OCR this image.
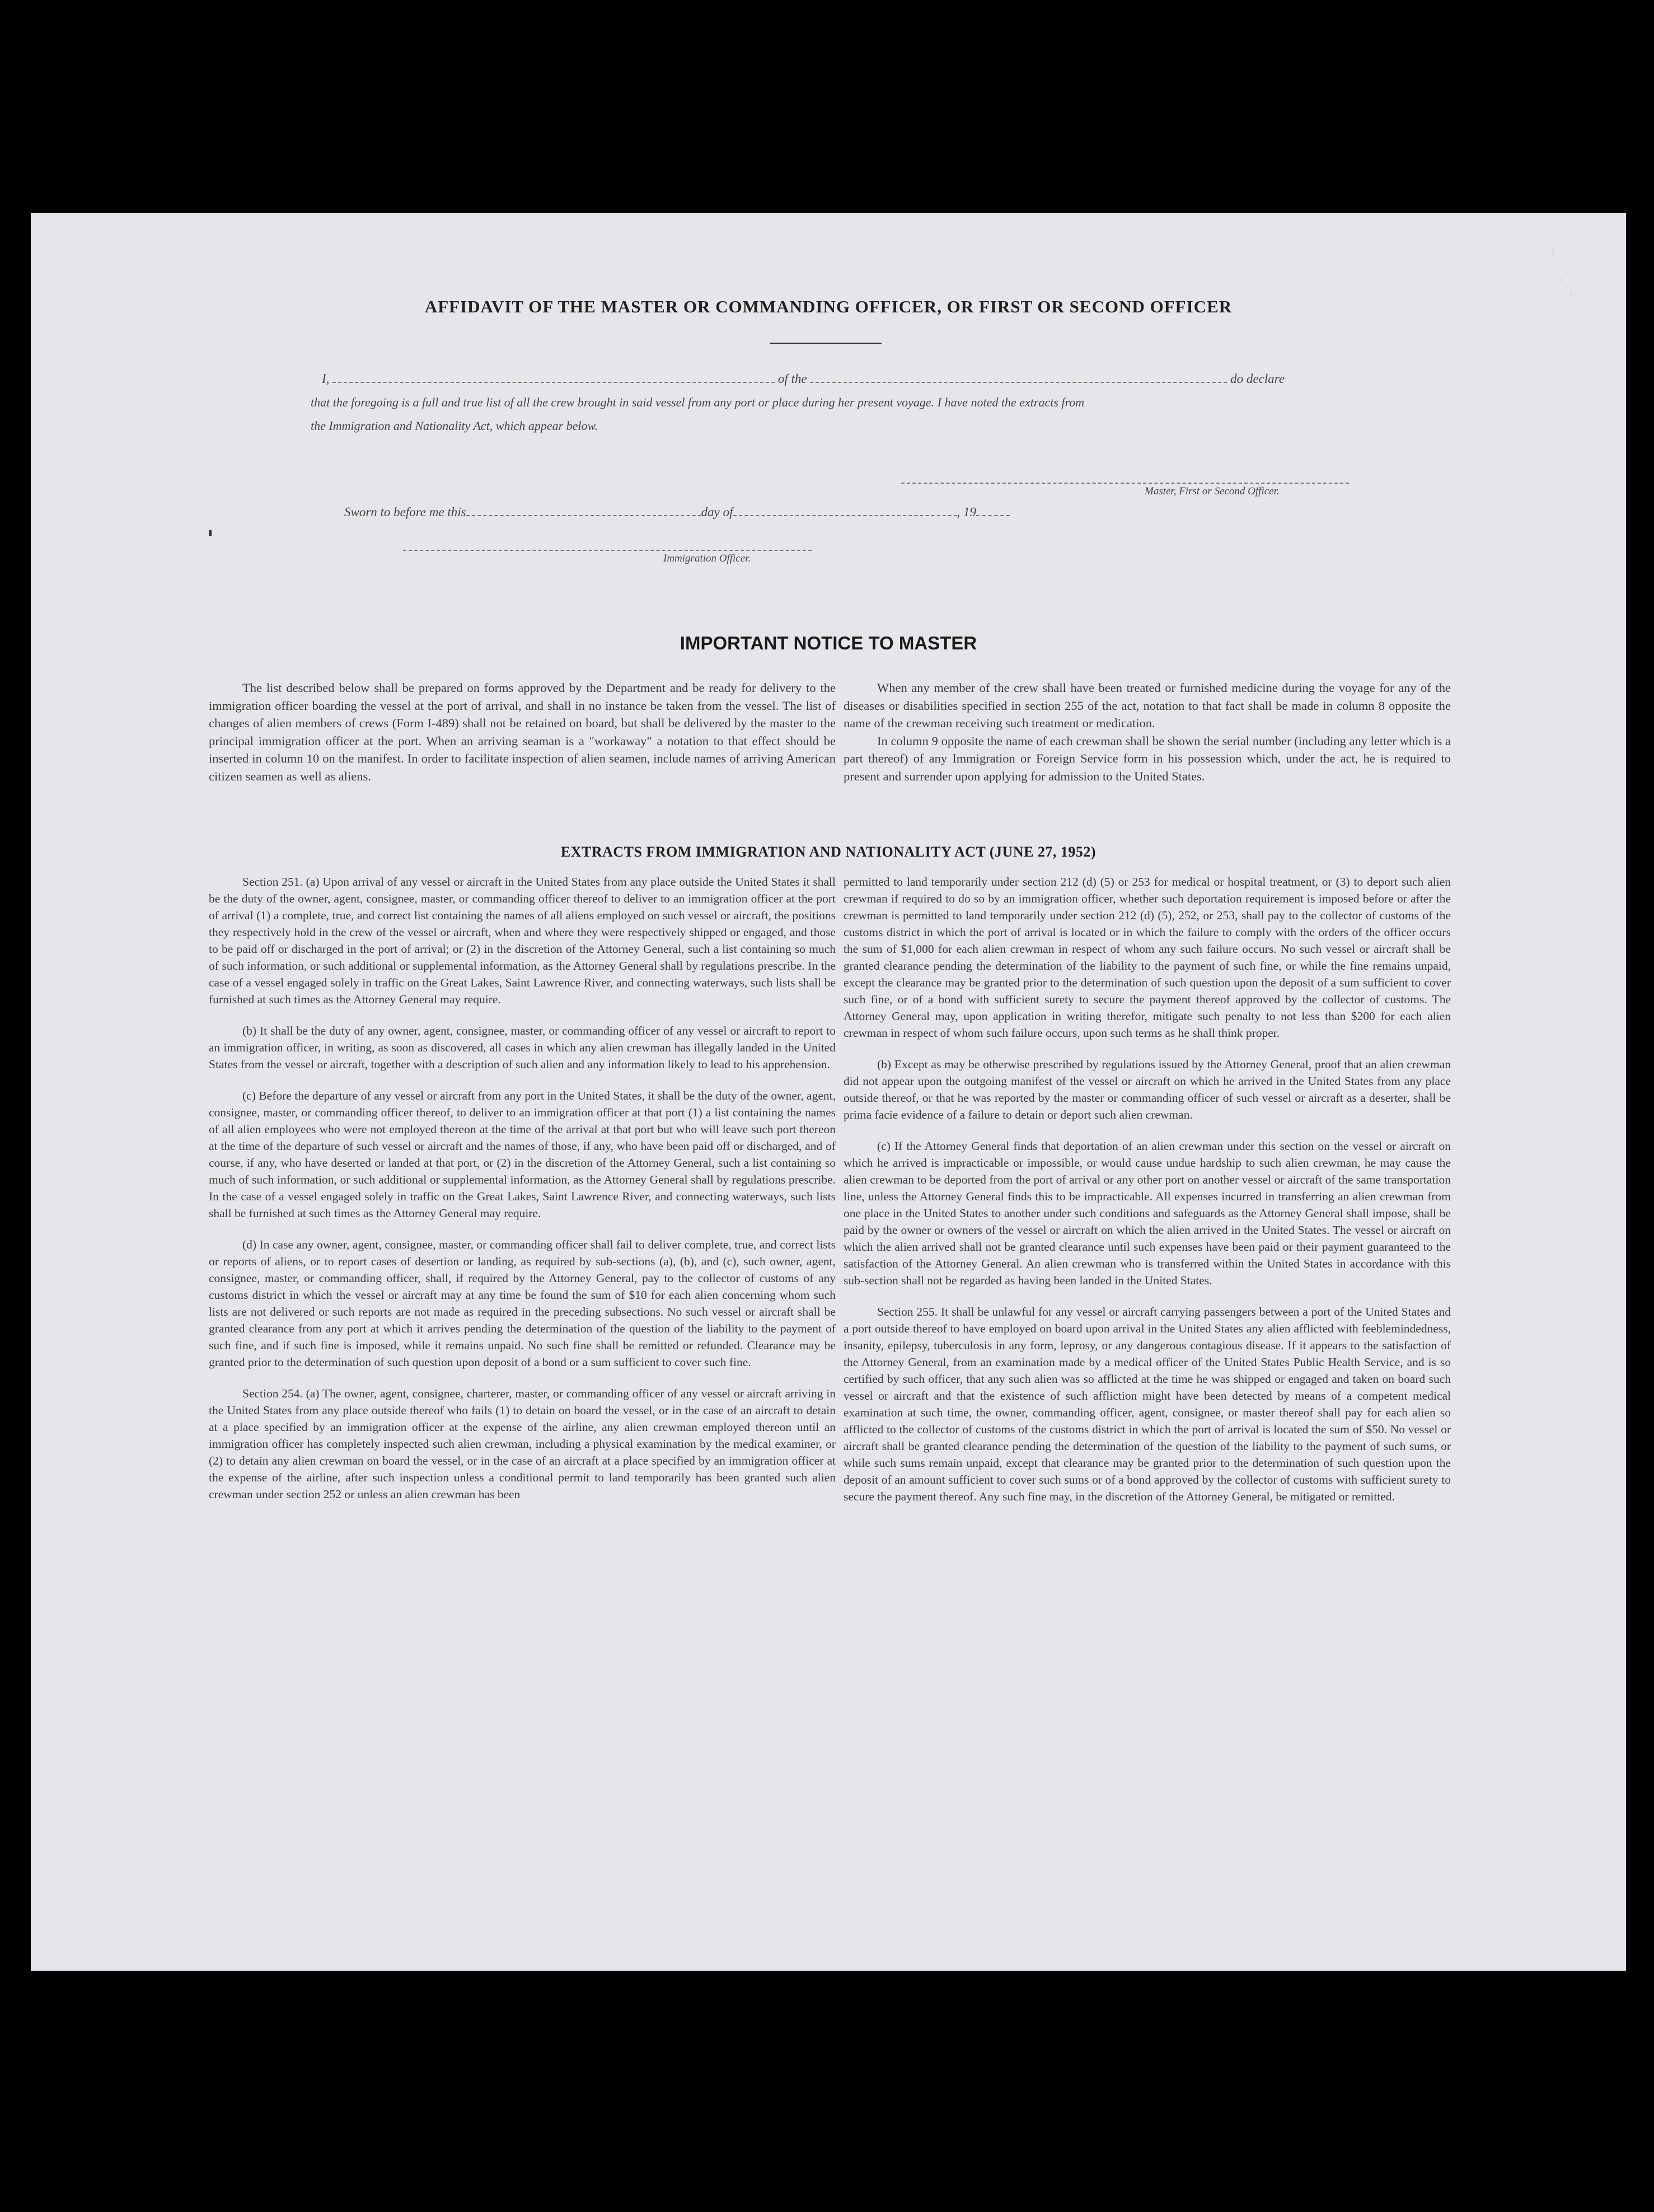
AFFIDAVIT OF THE MASTER OR COMMANDING OFFICER, OR FIRST OR SECOND OFFICER
I,	of the	do declare
that the foregoing is a full and true list of all the crew brought in said vessel from any port or place during her present voyage. I have noted the extracts from
the Immigration and Nationality Act, which appear below.
Master, First or Second Officer.
Sworn to before me this	day of	, 19
Immigration Officer.
IMPORTANT NOTICE TO MASTER

The list described below shall be prepared on forms approved by the Department and be ready for delivery to the immigration officer boarding the vessel at the port of arrival, and shall in no instance be taken from the vessel. The list of changes of alien members of crews (Form I-489) shall not be retained on board, but shall be delivered by the master to the principal immigration officer at the port. When an arriving seaman is a "workaway" a notation to that effect should be inserted in column 10 on the manifest. In order to facilitate inspection of alien seamen, include names of arriving American citizen seamen as well as aliens.

When any member of the crew shall have been treated or furnished medicine during the voyage for any of the diseases or disabilities specified in section 255 of the act, notation to that fact shall be made in column 8 opposite the name of the crewman receiving such treatment or medication.

In column 9 opposite the name of each crewman shall be shown the serial number (including any letter which is a part thereof) of any Immigration or Foreign Service form in his possession which, under the act, he is required to present and surrender upon applying for admission to the United States.

EXTRACTS FROM IMMIGRATION AND NATIONALITY ACT (JUNE 27, 1952)

Section 251. (a) Upon arrival of any vessel or aircraft in the United States from any place outside the United States it shall be the duty of the owner, agent, consignee, master, or commanding officer thereof to deliver to an immigration officer at the port of arrival (1) a complete, true, and correct list containing the names of all aliens employed on such vessel or aircraft, the positions they respectively hold in the crew of the vessel or aircraft, when and where they were respectively shipped or engaged, and those to be paid off or discharged in the port of arrival; or (2) in the discretion of the Attorney General, such a list containing so much of such information, or such additional or supplemental information, as the Attorney General shall by regulations prescribe. In the case of a vessel engaged solely in traffic on the Great Lakes, Saint Lawrence River, and connecting waterways, such lists shall be furnished at such times as the Attorney General may require.

(b) It shall be the duty of any owner, agent, consignee, master, or commanding officer of any vessel or aircraft to report to an immigration officer, in writing, as soon as discovered, all cases in which any alien crewman has illegally landed in the United States from the vessel or aircraft, together with a description of such alien and any information likely to lead to his apprehension.

(c) Before the departure of any vessel or aircraft from any port in the United States, it shall be the duty of the owner, agent, consignee, master, or commanding officer thereof, to deliver to an immigration officer at that port (1) a list containing the names of all alien employees who were not employed thereon at the time of the arrival at that port but who will leave such port thereon at the time of the departure of such vessel or aircraft and the names of those, if any, who have been paid off or discharged, and of course, if any, who have deserted or landed at that port, or (2) in the discretion of the Attorney General, such a list containing so much of such information, or such additional or supplemental information, as the Attorney General shall by regulations prescribe. In the case of a vessel engaged solely in traffic on the Great Lakes, Saint Lawrence River, and connecting waterways, such lists shall be furnished at such times as the Attorney General may require.

(d) In case any owner, agent, consignee, master, or commanding officer shall fail to deliver complete, true, and correct lists or reports of aliens, or to report cases of desertion or landing, as required by sub-sections (a), (b), and (c), such owner, agent, consignee, master, or commanding officer, shall, if required by the Attorney General, pay to the collector of customs of any customs district in which the vessel or aircraft may at any time be found the sum of $10 for each alien concerning whom such lists are not delivered or such reports are not made as required in the preceding subsections. No such vessel or aircraft shall be granted clearance from any port at which it arrives pending the determination of the question of the liability to the payment of such fine, and if such fine is imposed, while it remains unpaid. No such fine shall be remitted or refunded. Clearance may be granted prior to the determination of such question upon deposit of a bond or a sum sufficient to cover such fine.

Section 254. (a) The owner, agent, consignee, charterer, master, or commanding officer of any vessel or aircraft arriving in the United States from any place outside thereof who fails (1) to detain on board the vessel, or in the case of an aircraft to detain at a place specified by an immigration officer at the expense of the airline, any alien crewman employed thereon until an immigration officer has completely inspected such alien crewman, including a physical examination by the medical examiner, or (2) to detain any alien crewman on board the vessel, or in the case of an aircraft at a place specified by an immigration officer at the expense of the airline, after such inspection unless a conditional permit to land temporarily has been granted such alien crewman under section 252 or unless an alien crewman has been

permitted to land temporarily under section 212 (d) (5) or 253 for medical or hospital treatment, or (3) to deport such alien crewman if required to do so by an immigration officer, whether such deportation requirement is imposed before or after the crewman is permitted to land temporarily under section 212 (d) (5), 252, or 253, shall pay to the collector of customs of the customs district in which the port of arrival is located or in which the failure to comply with the orders of the officer occurs the sum of $1,000 for each alien crewman in respect of whom any such failure occurs. No such vessel or aircraft shall be granted clearance pending the determination of the liability to the payment of such fine, or while the fine remains unpaid, except the clearance may be granted prior to the determination of such question upon the deposit of a sum sufficient to cover such fine, or of a bond with sufficient surety to secure the payment thereof approved by the collector of customs. The Attorney General may, upon application in writing therefor, mitigate such penalty to not less than $200 for each alien crewman in respect of whom such failure occurs, upon such terms as he shall think proper.

(b) Except as may be otherwise prescribed by regulations issued by the Attorney General, proof that an alien crewman did not appear upon the outgoing manifest of the vessel or aircraft on which he arrived in the United States from any place outside thereof, or that he was reported by the master or commanding officer of such vessel or aircraft as a deserter, shall be prima facie evidence of a failure to detain or deport such alien crewman.

(c) If the Attorney General finds that deportation of an alien crewman under this section on the vessel or aircraft on which he arrived is impracticable or impossible, or would cause undue hardship to such alien crewman, he may cause the alien crewman to be deported from the port of arrival or any other port on another vessel or aircraft of the same transportation line, unless the Attorney General finds this to be impracticable. All expenses incurred in transferring an alien crewman from one place in the United States to another under such conditions and safeguards as the Attorney General shall impose, shall be paid by the owner or owners of the vessel or aircraft on which the alien arrived in the United States. The vessel or aircraft on which the alien arrived shall not be granted clearance until such expenses have been paid or their payment guaranteed to the satisfaction of the Attorney General. An alien crewman who is transferred within the United States in accordance with this sub-section shall not be regarded as having been landed in the United States.

Section 255. It shall be unlawful for any vessel or aircraft carrying passengers between a port of the United States and a port outside thereof to have employed on board upon arrival in the United States any alien afflicted with feeblemindedness, insanity, epilepsy, tuberculosis in any form, leprosy, or any dangerous contagious disease. If it appears to the satisfaction of the Attorney General, from an examination made by a medical officer of the United States Public Health Service, and is so certified by such officer, that any such alien was so afflicted at the time he was shipped or engaged and taken on board such vessel or aircraft and that the existence of such affliction might have been detected by means of a competent medical examination at such time, the owner, commanding officer, agent, consignee, or master thereof shall pay for each alien so afflicted to the collector of customs of the customs district in which the port of arrival is located the sum of $50. No vessel or aircraft shall be granted clearance pending the determination of the question of the liability to the payment of such sums, or while such sums remain unpaid, except that clearance may be granted prior to the determination of such question upon the deposit of an amount sufficient to cover such sums or of a bond approved by the collector of customs with sufficient surety to secure the payment thereof. Any such fine may, in the discretion of the Attorney General, be mitigated or remitted.
